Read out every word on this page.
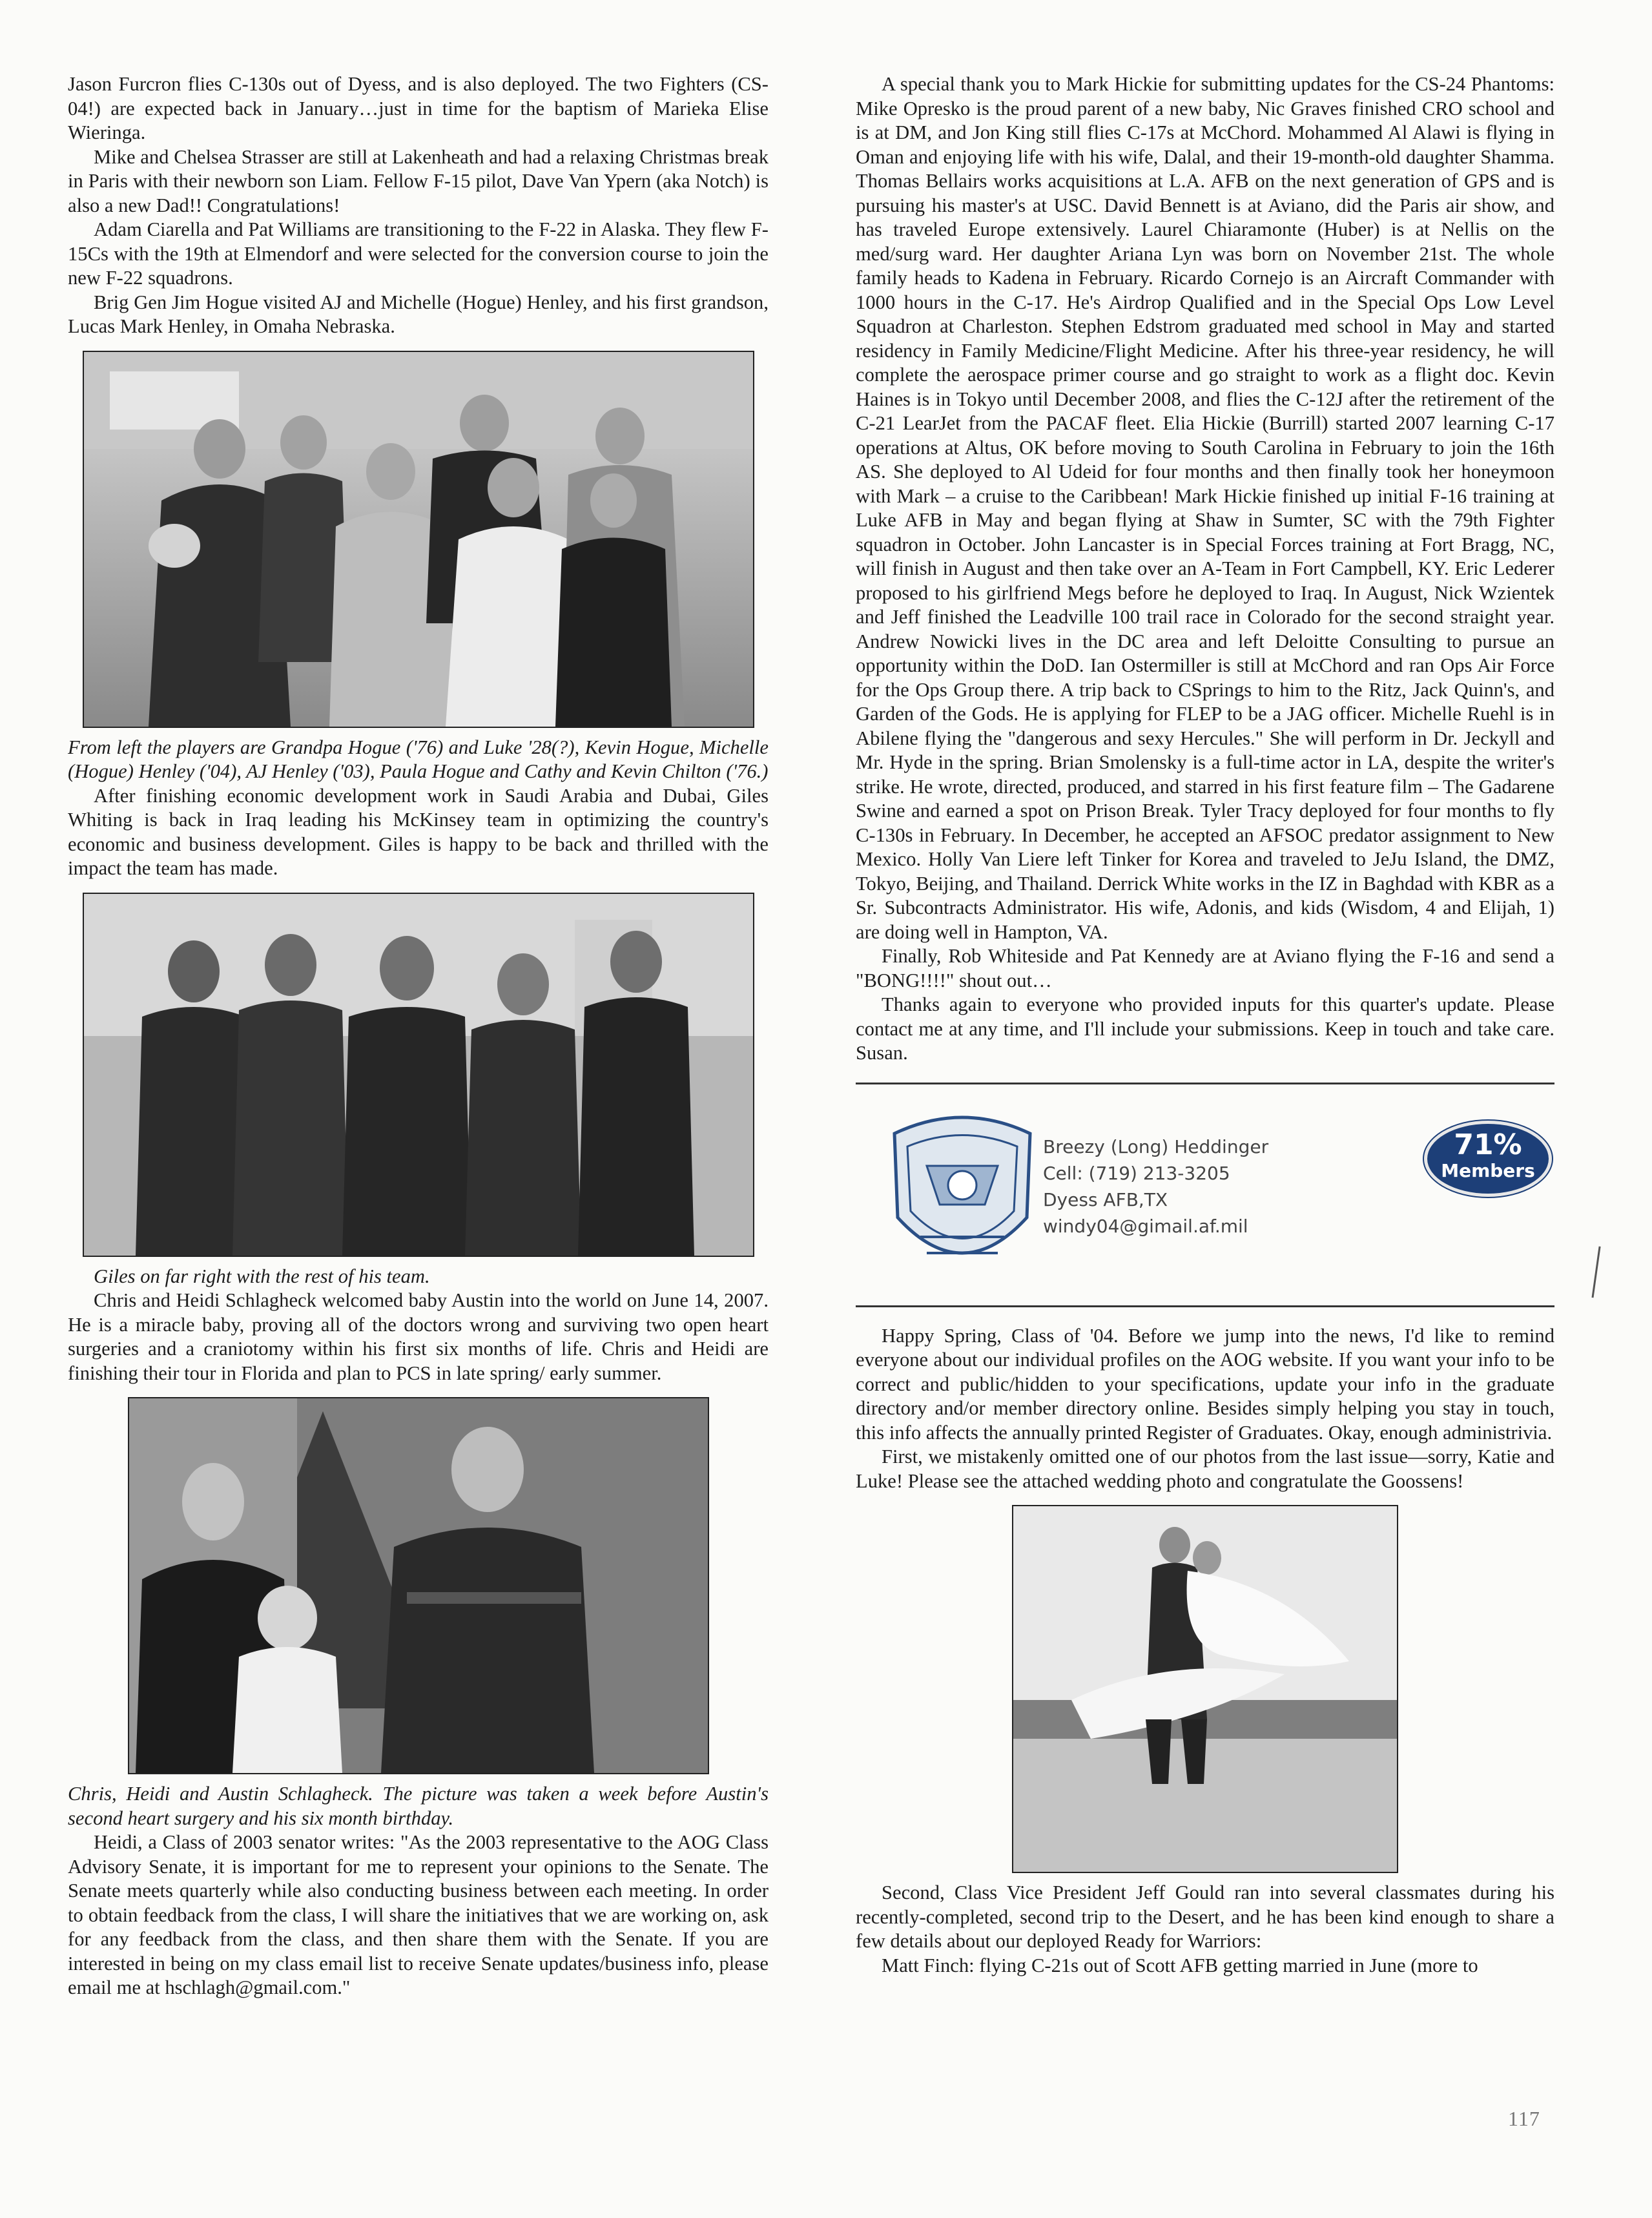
Jason Furcron flies C-130s out of Dyess, and is also deployed. The two Fighters (CS-04!) are expected back in January…just in time for the baptism of Marieka Elise Wieringa.

Mike and Chelsea Strasser are still at Lakenheath and had a relaxing Christmas break in Paris with their newborn son Liam. Fellow F-15 pilot, Dave Van Ypern (aka Notch) is also a new Dad!! Congratulations!

Adam Ciarella and Pat Williams are transitioning to the F-22 in Alaska. They flew F-15Cs with the 19th at Elmendorf and were selected for the conversion course to join the new F-22 squadrons.

Brig Gen Jim Hogue visited AJ and Michelle (Hogue) Henley, and his first grandson, Lucas Mark Henley, in Omaha Nebraska.

From left the players are Grandpa Hogue ('76) and Luke '28(?), Kevin Hogue, Michelle (Hogue) Henley ('04), AJ Henley ('03), Paula Hogue and Cathy and Kevin Chilton ('76.)

After finishing economic development work in Saudi Arabia and Dubai, Giles Whiting is back in Iraq leading his McKinsey team in optimizing the country's economic and business development. Giles is happy to be back and thrilled with the impact the team has made.

Giles on far right with the rest of his team.

Chris and Heidi Schlagheck welcomed baby Austin into the world on June 14, 2007. He is a miracle baby, proving all of the doctors wrong and surviving two open heart surgeries and a craniotomy within his first six months of life. Chris and Heidi are finishing their tour in Florida and plan to PCS in late spring/ early summer.

Chris, Heidi and Austin Schlagheck. The picture was taken a week before Austin's second heart surgery and his six month birthday.

Heidi, a Class of 2003 senator writes: "As the 2003 representative to the AOG Class Advisory Senate, it is important for me to represent your opinions to the Senate. The Senate meets quarterly while also conducting business between each meeting. In order to obtain feedback from the class, I will share the initiatives that we are working on, ask for any feedback from the class, and then share them with the Senate. If you are interested in being on my class email list to receive Senate updates/business info, please email me at hschlagh@gmail.com."

A special thank you to Mark Hickie for submitting updates for the CS-24 Phantoms: Mike Opresko is the proud parent of a new baby, Nic Graves finished CRO school and is at DM, and Jon King still flies C-17s at McChord. Mohammed Al Alawi is flying in Oman and enjoying life with his wife, Dalal, and their 19-month-old daughter Shamma. Thomas Bellairs works acquisitions at L.A. AFB on the next generation of GPS and is pursuing his master's at USC. David Bennett is at Aviano, did the Paris air show, and has traveled Europe extensively. Laurel Chiaramonte (Huber) is at Nellis on the med/surg ward. Her daughter Ariana Lyn was born on November 21st. The whole family heads to Kadena in February. Ricardo Cornejo is an Aircraft Commander with 1000 hours in the C-17. He's Airdrop Qualified and in the Special Ops Low Level Squadron at Charleston. Stephen Edstrom graduated med school in May and started residency in Family Medicine/Flight Medicine. After his three-year residency, he will complete the aerospace primer course and go straight to work as a flight doc. Kevin Haines is in Tokyo until December 2008, and flies the C-12J after the retirement of the C-21 LearJet from the PACAF fleet. Elia Hickie (Burrill) started 2007 learning C-17 operations at Altus, OK before moving to South Carolina in February to join the 16th AS. She deployed to Al Udeid for four months and then finally took her honeymoon with Mark – a cruise to the Caribbean! Mark Hickie finished up initial F-16 training at Luke AFB in May and began flying at Shaw in Sumter, SC with the 79th Fighter squadron in October. John Lancaster is in Special Forces training at Fort Bragg, NC, will finish in August and then take over an A-Team in Fort Campbell, KY. Eric Lederer proposed to his girlfriend Megs before he deployed to Iraq. In August, Nick Wzientek and Jeff finished the Leadville 100 trail race in Colorado for the second straight year. Andrew Nowicki lives in the DC area and left Deloitte Consulting to pursue an opportunity within the DoD. Ian Ostermiller is still at McChord and ran Ops Air Force for the Ops Group there. A trip back to CSprings to him to the Ritz, Jack Quinn's, and Garden of the Gods. He is applying for FLEP to be a JAG officer. Michelle Ruehl is in Abilene flying the "dangerous and sexy Hercules." She will perform in Dr. Jeckyll and Mr. Hyde in the spring. Brian Smolensky is a full-time actor in LA, despite the writer's strike. He wrote, directed, produced, and starred in his first feature film – The Gadarene Swine and earned a spot on Prison Break. Tyler Tracy deployed for four months to fly C-130s in February. In December, he accepted an AFSOC predator assignment to New Mexico. Holly Van Liere left Tinker for Korea and traveled to JeJu Island, the DMZ, Tokyo, Beijing, and Thailand. Derrick White works in the IZ in Baghdad with KBR as a Sr. Subcontracts Administrator. His wife, Adonis, and kids (Wisdom, 4 and Elijah, 1) are doing well in Hampton, VA.

Finally, Rob Whiteside and Pat Kennedy are at Aviano flying the F-16 and send a "BONG!!!!" shout out…

Thanks again to everyone who provided inputs for this quarter's update. Please contact me at any time, and I'll include your submissions. Keep in touch and take care. Susan.

Breezy (Long) Heddinger
Cell: (719) 213-3205
Dyess AFB,TX
windy04@gimail.af.mil
71%
Members

Happy Spring, Class of '04. Before we jump into the news, I'd like to remind everyone about our individual profiles on the AOG website. If you want your info to be correct and public/hidden to your specifications, update your info in the graduate directory and/or member directory online. Besides simply helping you stay in touch, this info affects the annually printed Register of Graduates. Okay, enough administrivia.

First, we mistakenly omitted one of our photos from the last issue—sorry, Katie and Luke! Please see the attached wedding photo and congratulate the Goossens!

Second, Class Vice President Jeff Gould ran into several classmates during his recently-completed, second trip to the Desert, and he has been kind enough to share a few details about our deployed Ready for Warriors:

Matt Finch: flying C-21s out of Scott AFB getting married in June (more to

117
